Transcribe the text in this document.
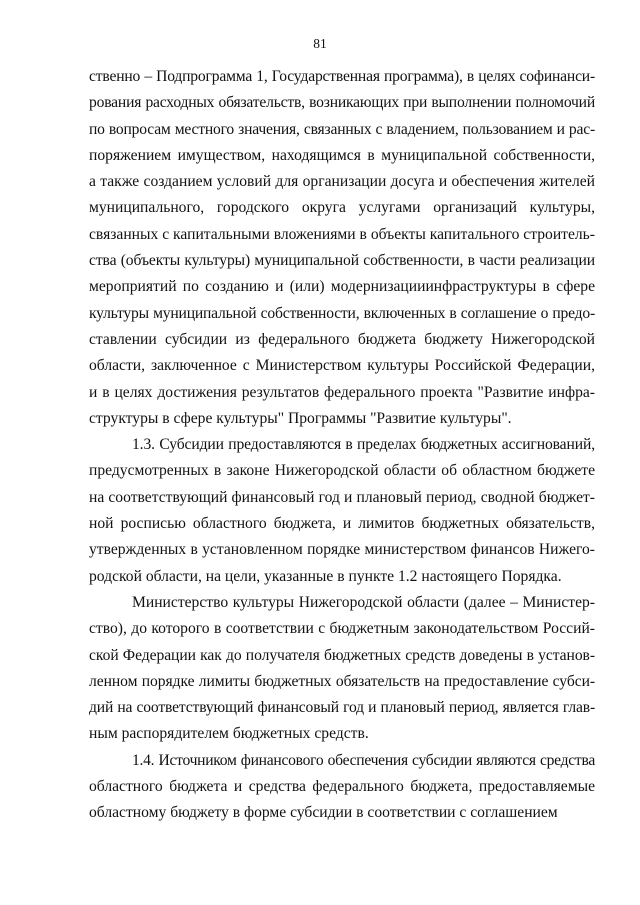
81
ственно – Подпрограмма 1, Государственная программа), в целях софинанси-
рования расходных обязательств, возникающих при выполнении полномочий
по вопросам местного значения, связанных с владением, пользованием и рас-
поряжением имуществом, находящимся в муниципальной собственности,
а также созданием условий для организации досуга и обеспечения жителей
муниципального, городского округа услугами организаций культуры,
связанных с капитальными вложениями в объекты капитального строитель-
ства (объекты культуры) муниципальной собственности, в части реализации
мероприятий по созданию и (или) модернизацииинфраструктуры в сфере
культуры муниципальной собственности, включенных в соглашение о предо-
ставлении субсидии из федерального бюджета бюджету Нижегородской
области, заключенное с Министерством культуры Российской Федерации,
и в целях достижения результатов федерального проекта "Развитие инфра-
структуры в сфере культуры" Программы "Развитие культуры".
1.3. Субсидии предоставляются в пределах бюджетных ассигнований,
предусмотренных в законе Нижегородской области об областном бюджете
на соответствующий финансовый год и плановый период, сводной бюджет-
ной росписью областного бюджета, и лимитов бюджетных обязательств,
утвержденных в установленном порядке министерством финансов Нижего-
родской области, на цели, указанные в пункте 1.2 настоящего Порядка.
Министерство культуры Нижегородской области (далее – Министер-
ство), до которого в соответствии с бюджетным законодательством Россий-
ской Федерации как до получателя бюджетных средств доведены в установ-
ленном порядке лимиты бюджетных обязательств на предоставление субси-
дий на соответствующий финансовый год и плановый период, является глав-
ным распорядителем бюджетных средств.
1.4. Источником финансового обеспечения субсидии являются средства
областного бюджета и средства федерального бюджета, предоставляемые
областному бюджету в форме субсидии в соответствии с соглашением
